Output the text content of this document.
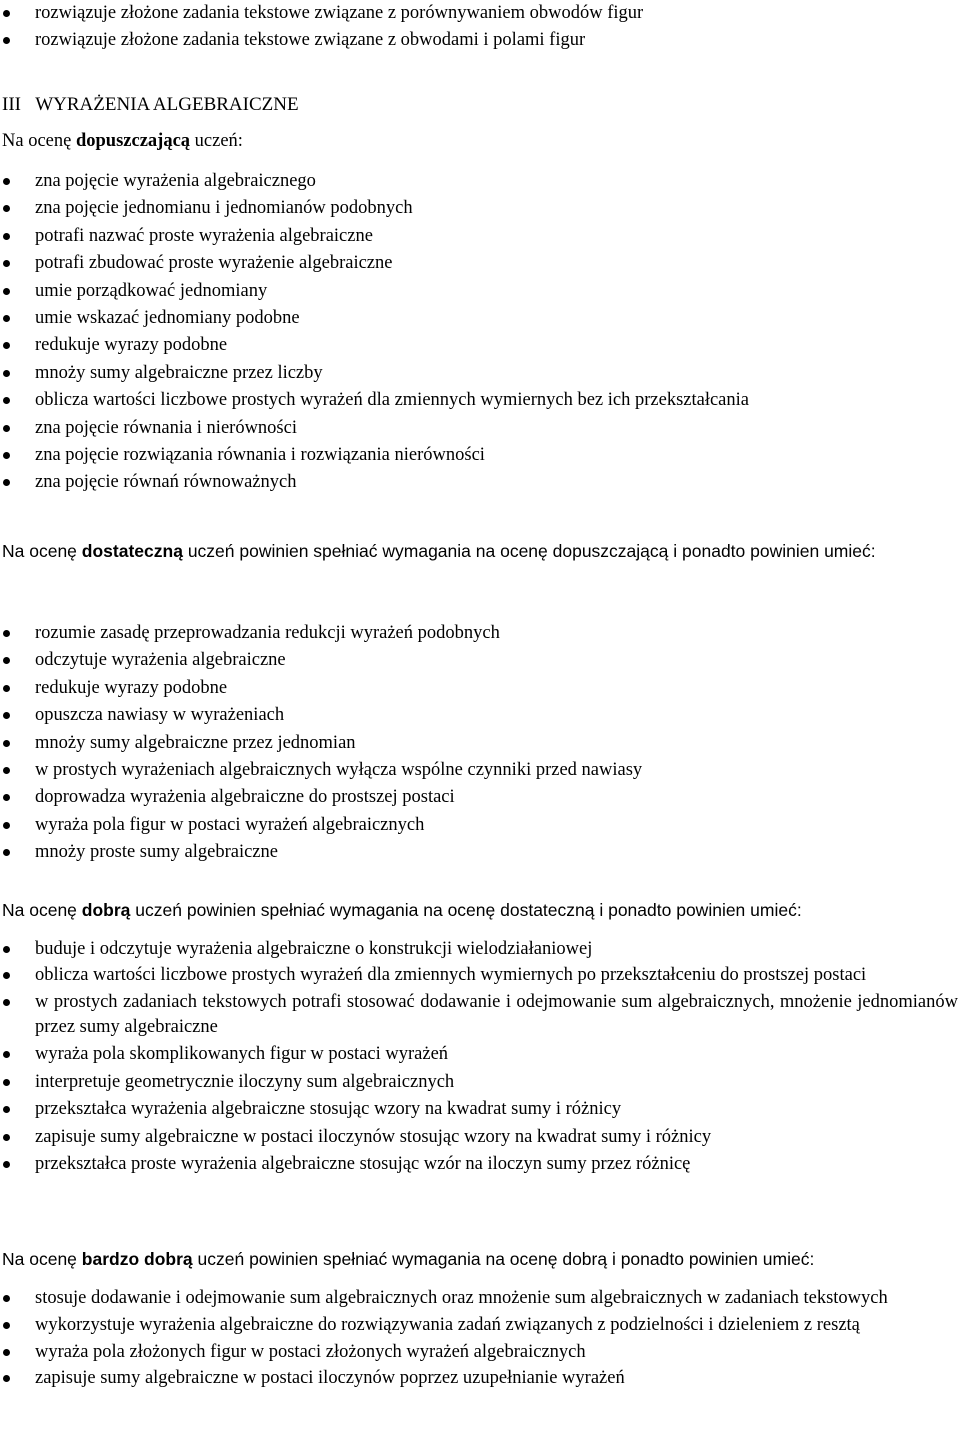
rozwiązuje złożone zadania tekstowe związane z porównywaniem obwodów figur
rozwiązuje złożone zadania tekstowe związane z obwodami i polami figur
III WYRAŻENIA ALGEBRAICZNE
Na ocenę dopuszczającą uczeń:
zna pojęcie wyrażenia algebraicznego
zna pojęcie jednomianu i jednomianów podobnych
potrafi nazwać proste wyrażenia algebraiczne
potrafi zbudować proste wyrażenie algebraiczne
umie porządkować jednomiany
umie wskazać jednomiany podobne
redukuje wyrazy podobne
mnoży sumy algebraiczne przez liczby
oblicza wartości liczbowe prostych wyrażeń dla zmiennych wymiernych bez ich przekształcania
zna pojęcie równania i nierówności
zna pojęcie rozwiązania równania i rozwiązania nierówności
zna pojęcie równań równoważnych
Na ocenę dostateczną uczeń powinien spełniać wymagania na ocenę dopuszczającą i ponadto powinien umieć:
rozumie zasadę przeprowadzania redukcji wyrażeń podobnych
odczytuje wyrażenia algebraiczne
redukuje wyrazy podobne
opuszcza nawiasy w wyrażeniach
mnoży sumy algebraiczne przez jednomian
w prostych wyrażeniach algebraicznych wyłącza wspólne czynniki przed nawiasy
doprowadza wyrażenia algebraiczne do prostszej postaci
wyraża pola figur w postaci wyrażeń algebraicznych
mnoży proste sumy algebraiczne
Na ocenę dobrą uczeń powinien spełniać wymagania na ocenę dostateczną i ponadto powinien umieć:
buduje i odczytuje wyrażenia algebraiczne o konstrukcji wielodziałaniowej
oblicza wartości liczbowe prostych wyrażeń dla zmiennych wymiernych po przekształceniu do prostszej postaci
w prostych zadaniach tekstowych potrafi stosować dodawanie i odejmowanie sum algebraicznych, mnożenie jednomianów przez sumy algebraiczne
wyraża pola skomplikowanych figur w postaci wyrażeń
interpretuje geometrycznie iloczyny sum algebraicznych
przekształca wyrażenia algebraiczne stosując wzory na kwadrat sumy i różnicy
zapisuje sumy algebraiczne w postaci iloczynów stosując wzory na kwadrat sumy i różnicy
przekształca proste wyrażenia algebraiczne stosując wzór na iloczyn sumy przez różnicę
Na ocenę bardzo dobrą uczeń powinien spełniać wymagania na ocenę dobrą i ponadto powinien umieć:
stosuje dodawanie i odejmowanie sum algebraicznych oraz mnożenie sum algebraicznych w zadaniach tekstowych
wykorzystuje wyrażenia algebraiczne do rozwiązywania zadań związanych z podzielności i dzieleniem z resztą
wyraża pola złożonych figur w postaci złożonych wyrażeń algebraicznych
zapisuje sumy algebraiczne w postaci iloczynów poprzez uzupełnianie wyrażeń
